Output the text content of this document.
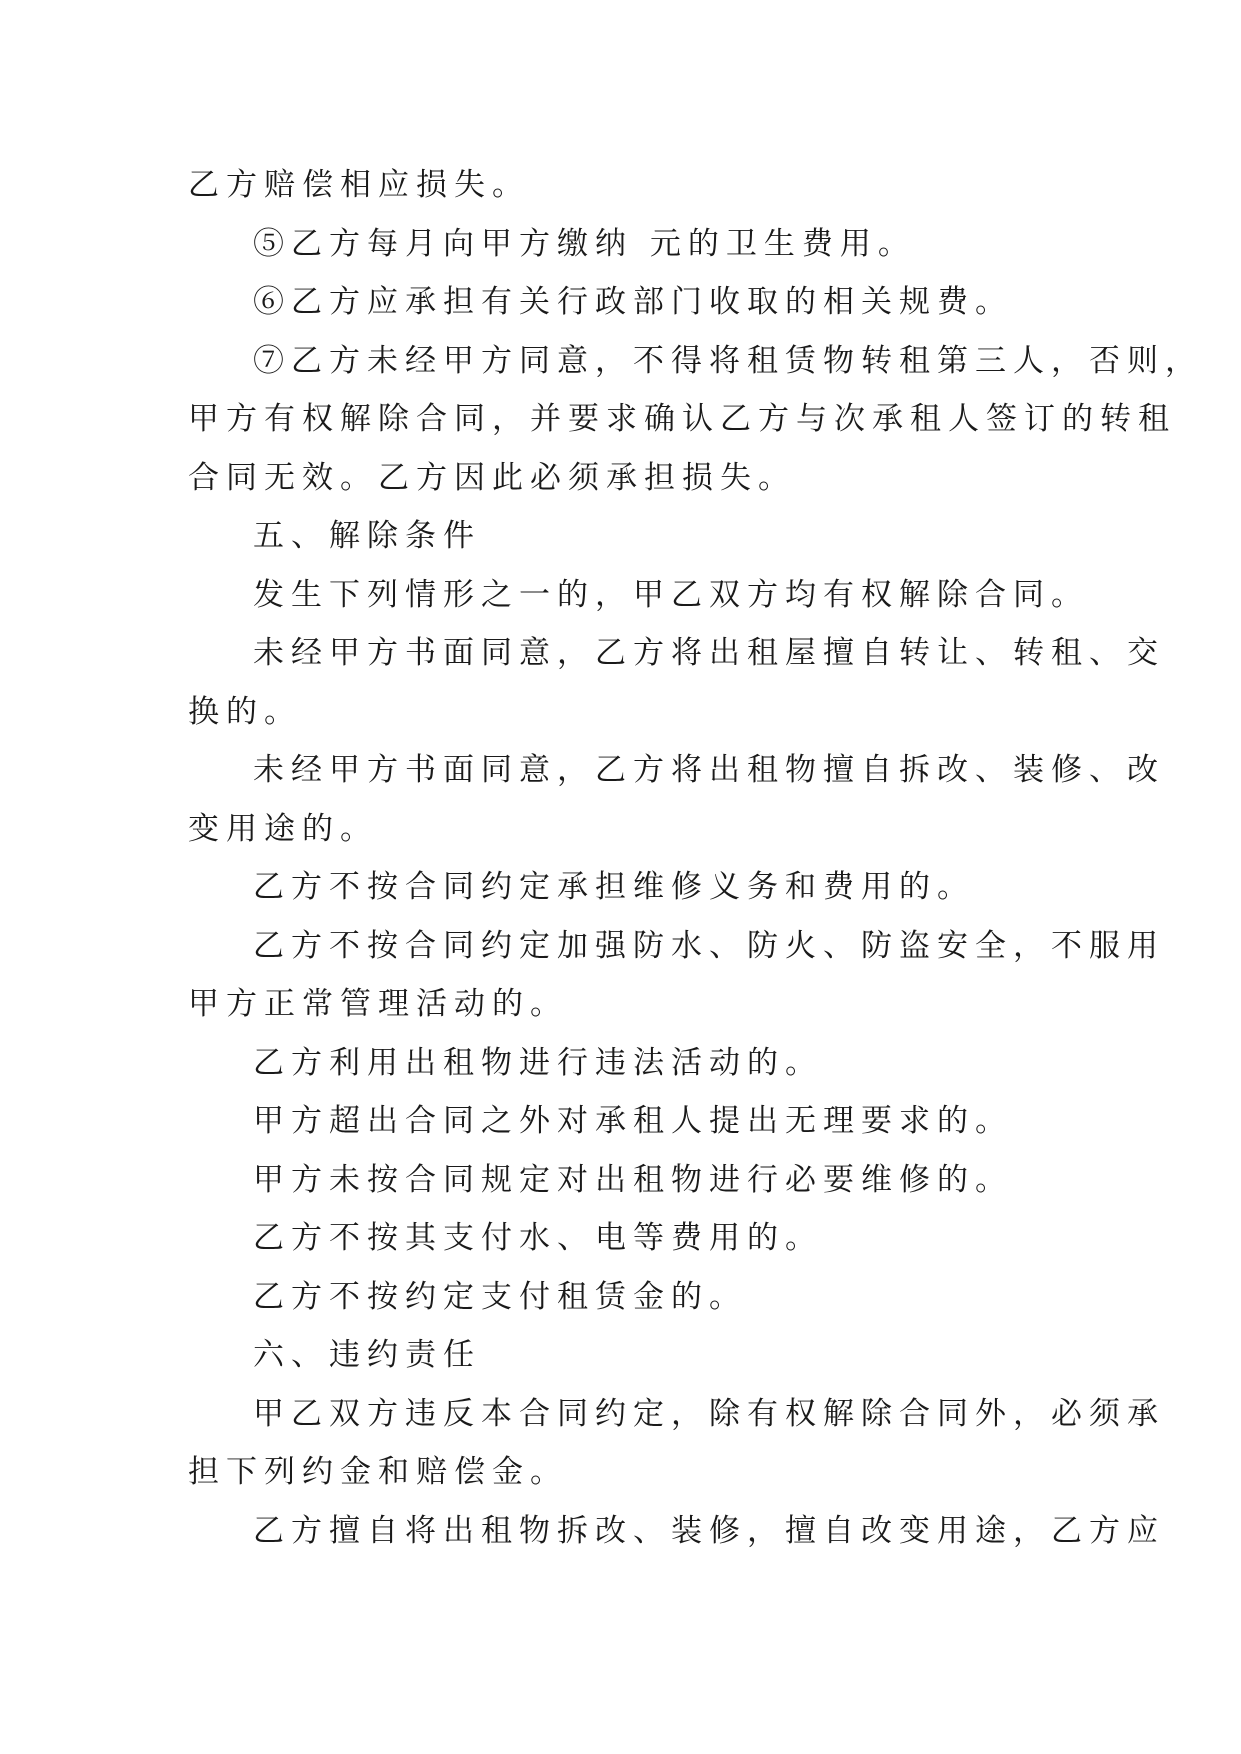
乙方赔偿相应损失。

⑤乙方每月向甲方缴纳 元的卫生费用。

⑥乙方应承担有关行政部门收取的相关规费。

⑦乙方未经甲方同意，不得将租赁物转租第三人，否则，

甲方有权解除合同，并要求确认乙方与次承租人签订的转租

合同无效。乙方因此必须承担损失。

五、解除条件

发生下列情形之一的，甲乙双方均有权解除合同。

未经甲方书面同意，乙方将出租屋擅自转让、转租、交

换的。

未经甲方书面同意，乙方将出租物擅自拆改、装修、改

变用途的。

乙方不按合同约定承担维修义务和费用的。

乙方不按合同约定加强防水、防火、防盗安全，不服用

甲方正常管理活动的。

乙方利用出租物进行违法活动的。

甲方超出合同之外对承租人提出无理要求的。

甲方未按合同规定对出租物进行必要维修的。

乙方不按其支付水、电等费用的。

乙方不按约定支付租赁金的。

六、违约责任

甲乙双方违反本合同约定，除有权解除合同外，必须承

担下列约金和赔偿金。

乙方擅自将出租物拆改、装修，擅自改变用途，乙方应
